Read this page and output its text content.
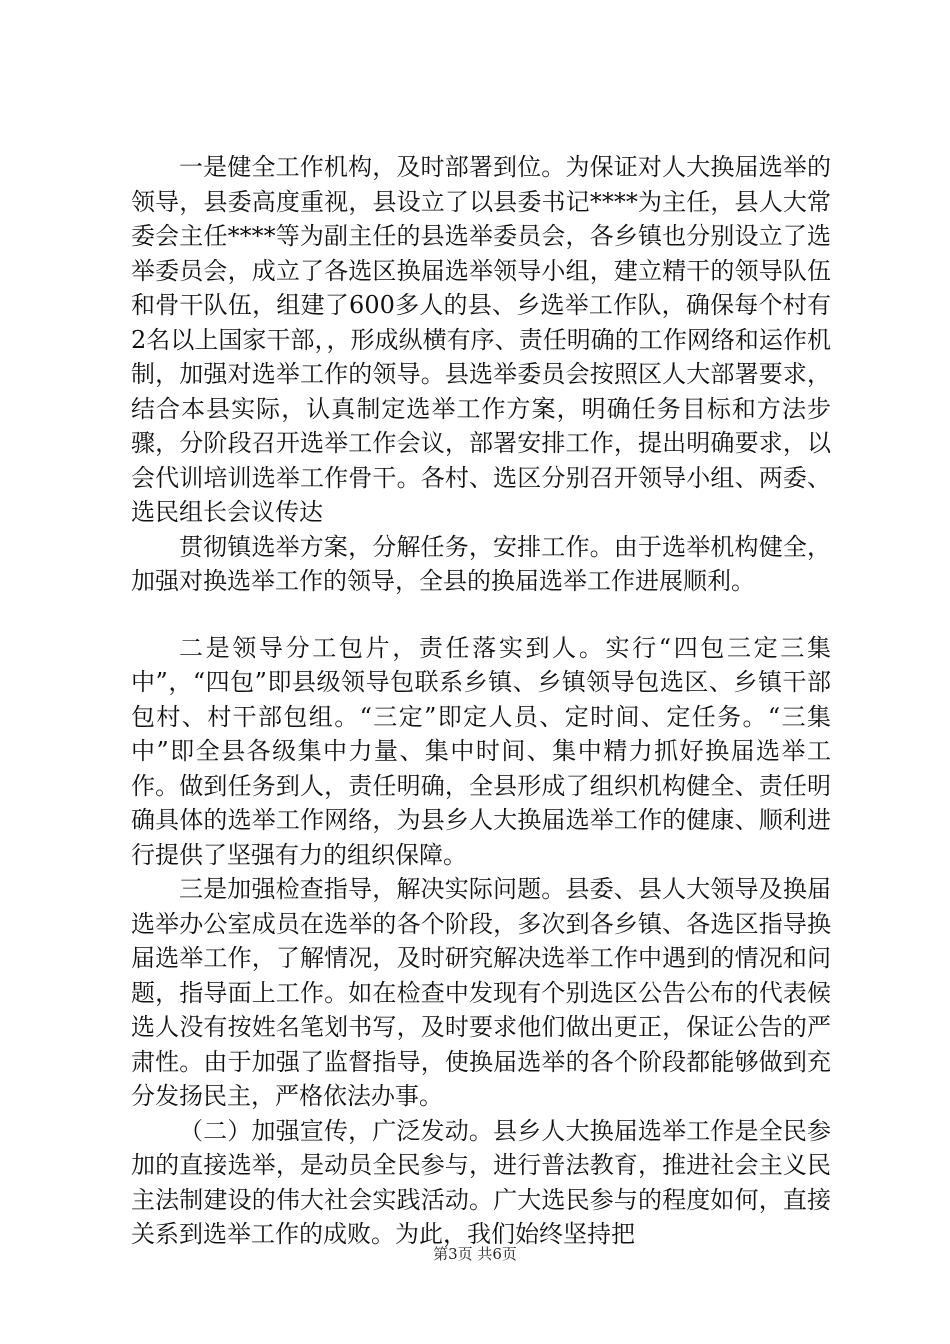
一是健全工作机构，及时部署到位。为保证对人大换届选举的领导，县委高度重视，县设立了以县委书记****为主任，县人大常委会主任****等为副主任的县选举委员会，各乡镇也分别设立了选举委员会，成立了各选区换届选举领导小组，建立精干的领导队伍和骨干队伍，组建了600多人的县、乡选举工作队，确保每个村有2名以上国家干部，，形成纵横有序、责任明确的工作网络和运作机制，加强对选举工作的领导。县选举委员会按照区人大部署要求，结合本县实际，认真制定选举工作方案，明确任务目标和方法步骤，分阶段召开选举工作会议，部署安排工作，提出明确要求，以会代训培训选举工作骨干。各村、选区分别召开领导小组、两委、选民组长会议传达

贯彻镇选举方案，分解任务，安排工作。由于选举机构健全，加强对换选举工作的领导，全县的换届选举工作进展顺利。

二是领导分工包片，责任落实到人。实行“四包三定三集中”，“四包”即县级领导包联系乡镇、乡镇领导包选区、乡镇干部包村、村干部包组。“三定”即定人员、定时间、定任务。“三集中”即全县各级集中力量、集中时间、集中精力抓好换届选举工作。做到任务到人，责任明确，全县形成了组织机构健全、责任明确具体的选举工作网络，为县乡人大换届选举工作的健康、顺利进行提供了坚强有力的组织保障。

三是加强检查指导，解决实际问题。县委、县人大领导及换届选举办公室成员在选举的各个阶段，多次到各乡镇、各选区指导换届选举工作，了解情况，及时研究解决选举工作中遇到的情况和问题，指导面上工作。如在检查中发现有个别选区公告公布的代表候选人没有按姓名笔划书写，及时要求他们做出更正，保证公告的严肃性。由于加强了监督指导，使换届选举的各个阶段都能够做到充分发扬民主，严格依法办事。

（二）加强宣传，广泛发动。县乡人大换届选举工作是全民参加的直接选举，是动员全民参与，进行普法教育，推进社会主义民主法制建设的伟大社会实践活动。广大选民参与的程度如何，直接关系到选举工作的成败。为此，我们始终坚持把

第3页 共6页
